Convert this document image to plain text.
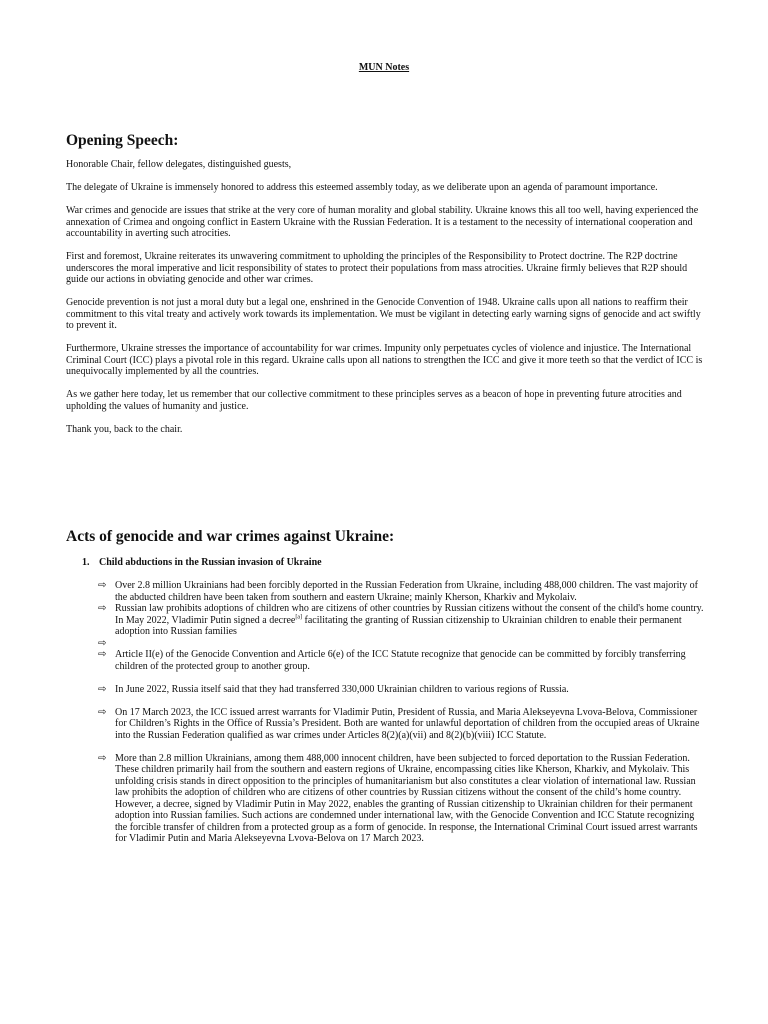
MUN Notes
Opening Speech:

Honorable Chair, fellow delegates, distinguished guests,

The delegate of Ukraine is immensely honored to address this esteemed assembly today, as we deliberate upon an agenda of paramount importance.

War crimes and genocide are issues that strike at the very core of human morality and global stability. Ukraine knows this all too well, having experienced the annexation of Crimea and ongoing conflict in Eastern Ukraine with the Russian Federation. It is a testament to the necessity of international cooperation and accountability in averting such atrocities.

First and foremost, Ukraine reiterates its unwavering commitment to upholding the principles of the Responsibility to Protect doctrine. The R2P doctrine underscores the moral imperative and licit responsibility of states to protect their populations from mass atrocities. Ukraine firmly believes that R2P should guide our actions in obviating genocide and other war crimes.

Genocide prevention is not just a moral duty but a legal one, enshrined in the Genocide Convention of 1948. Ukraine calls upon all nations to reaffirm their commitment to this vital treaty and actively work towards its implementation. We must be vigilant in detecting early warning signs of genocide and act swiftly to prevent it.

Furthermore, Ukraine stresses the importance of accountability for war crimes. Impunity only perpetuates cycles of violence and injustice. The International Criminal Court (ICC) plays a pivotal role in this regard. Ukraine calls upon all nations to strengthen the ICC and give it more teeth so that the verdict of ICC is unequivocally implemented by all the countries.

As we gather here today, let us remember that our collective commitment to these principles serves as a beacon of hope in preventing future atrocities and upholding the values of humanity and justice.

Thank you, back to the chair.

Acts of genocide and war crimes against Ukraine:
1. Child abductions in the Russian invasion of Ukraine
⇨ Over 2.8 million Ukrainians had been forcibly deported in the Russian Federation from Ukraine, including 488,000 children. The vast majority of the abducted children have been taken from southern and eastern Ukraine; mainly Kherson, Kharkiv and Mykolaiv.
⇨ Russian law prohibits adoptions of children who are citizens of other countries by Russian citizens without the consent of the child's home country. In May 2022, Vladimir Putin signed a decree[a] facilitating the granting of Russian citizenship to Ukrainian children to enable their permanent adoption into Russian families
⇨
⇨ Article II(e) of the Genocide Convention and Article 6(e) of the ICC Statute recognize that genocide can be committed by forcibly transferring children of the protected group to another group.
⇨ In June 2022, Russia itself said that they had transferred 330,000 Ukrainian children to various regions of Russia.
⇨ On 17 March 2023, the ICC issued arrest warrants for Vladimir Putin, President of Russia, and Maria Alekseyevna Lvova-Belova, Commissioner for Children’s Rights in the Office of Russia’s President. Both are wanted for unlawful deportation of children from the occupied areas of Ukraine into the Russian Federation qualified as war crimes under Articles 8(2)(a)(vii) and 8(2)(b)(viii) ICC Statute.
⇨ More than 2.8 million Ukrainians, among them 488,000 innocent children, have been subjected to forced deportation to the Russian Federation. These children primarily hail from the southern and eastern regions of Ukraine, encompassing cities like Kherson, Kharkiv, and Mykolaiv. This unfolding crisis stands in direct opposition to the principles of humanitarianism but also constitutes a clear violation of international law. Russian law prohibits the adoption of children who are citizens of other countries by Russian citizens without the consent of the child’s home country. However, a decree, signed by Vladimir Putin in May 2022, enables the granting of Russian citizenship to Ukrainian children for their permanent adoption into Russian families. Such actions are condemned under international law, with the Genocide Convention and ICC Statute recognizing the forcible transfer of children from a protected group as a form of genocide. In response, the International Criminal Court issued arrest warrants for Vladimir Putin and Maria Alekseyevna Lvova-Belova on 17 March 2023.
